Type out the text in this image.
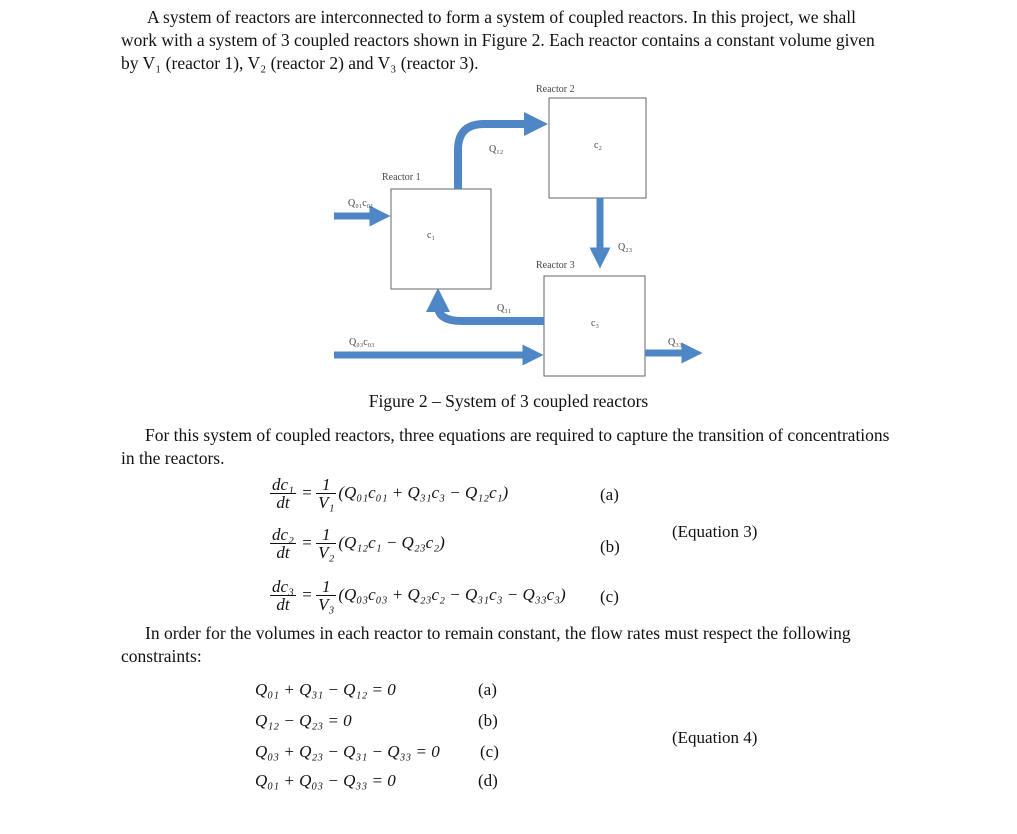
A system of reactors are interconnected to form a system of coupled reactors. In this project, we shall work with a system of 3 coupled reactors shown in Figure 2. Each reactor contains a constant volume given by V₁ (reactor 1), V₂ (reactor 2) and V₃ (reactor 3).

Reactor 2
Reactor 1
Reactor 3
Q₁₂	c₂
Q₀₁c₀₁
c₁
Q₂₃
Q₃₁
c₃
Q₀₃c₀₃	Q₃₃
Figure 2 – System of 3 coupled reactors

For this system of coupled reactors, three equations are required to capture the transition of concentrations in the reactors.

$\frac{\text{dc₁}}{dt} = \frac{1}{\text{V₁}} (Q_{01}c_{01} + Q_{31}c_3 - Q_{12}c_1)$	(a)
$\frac{\text{dc₂}}{dt} = \frac{1}{\text{V₂}} (Q_{12}c_1 - Q_{23}c_2)$	(b)
(Equation 3)
$\frac{\text{dc₃}}{dt} = \frac{1}{\text{V₃}} (Q_{03}c_{03} + Q_{23}c_2 - Q_{31}c_3 - Q_{33}c_3)$ (c)

In order for the volumes in each reactor to remain constant, the flow rates must respect the following constraints:

Q₀₁ + Q₃₁ − Q₁₂ = 0	(a)
Q₁₂ − Q₂₃ = 0	(b)
Q₀₃ + Q₂₃ − Q₃₁ − Q₃₃ = 0 (c)
Q₀₁ + Q₀₃ − Q₃₃ = 0	(d)
(Equation 4)
